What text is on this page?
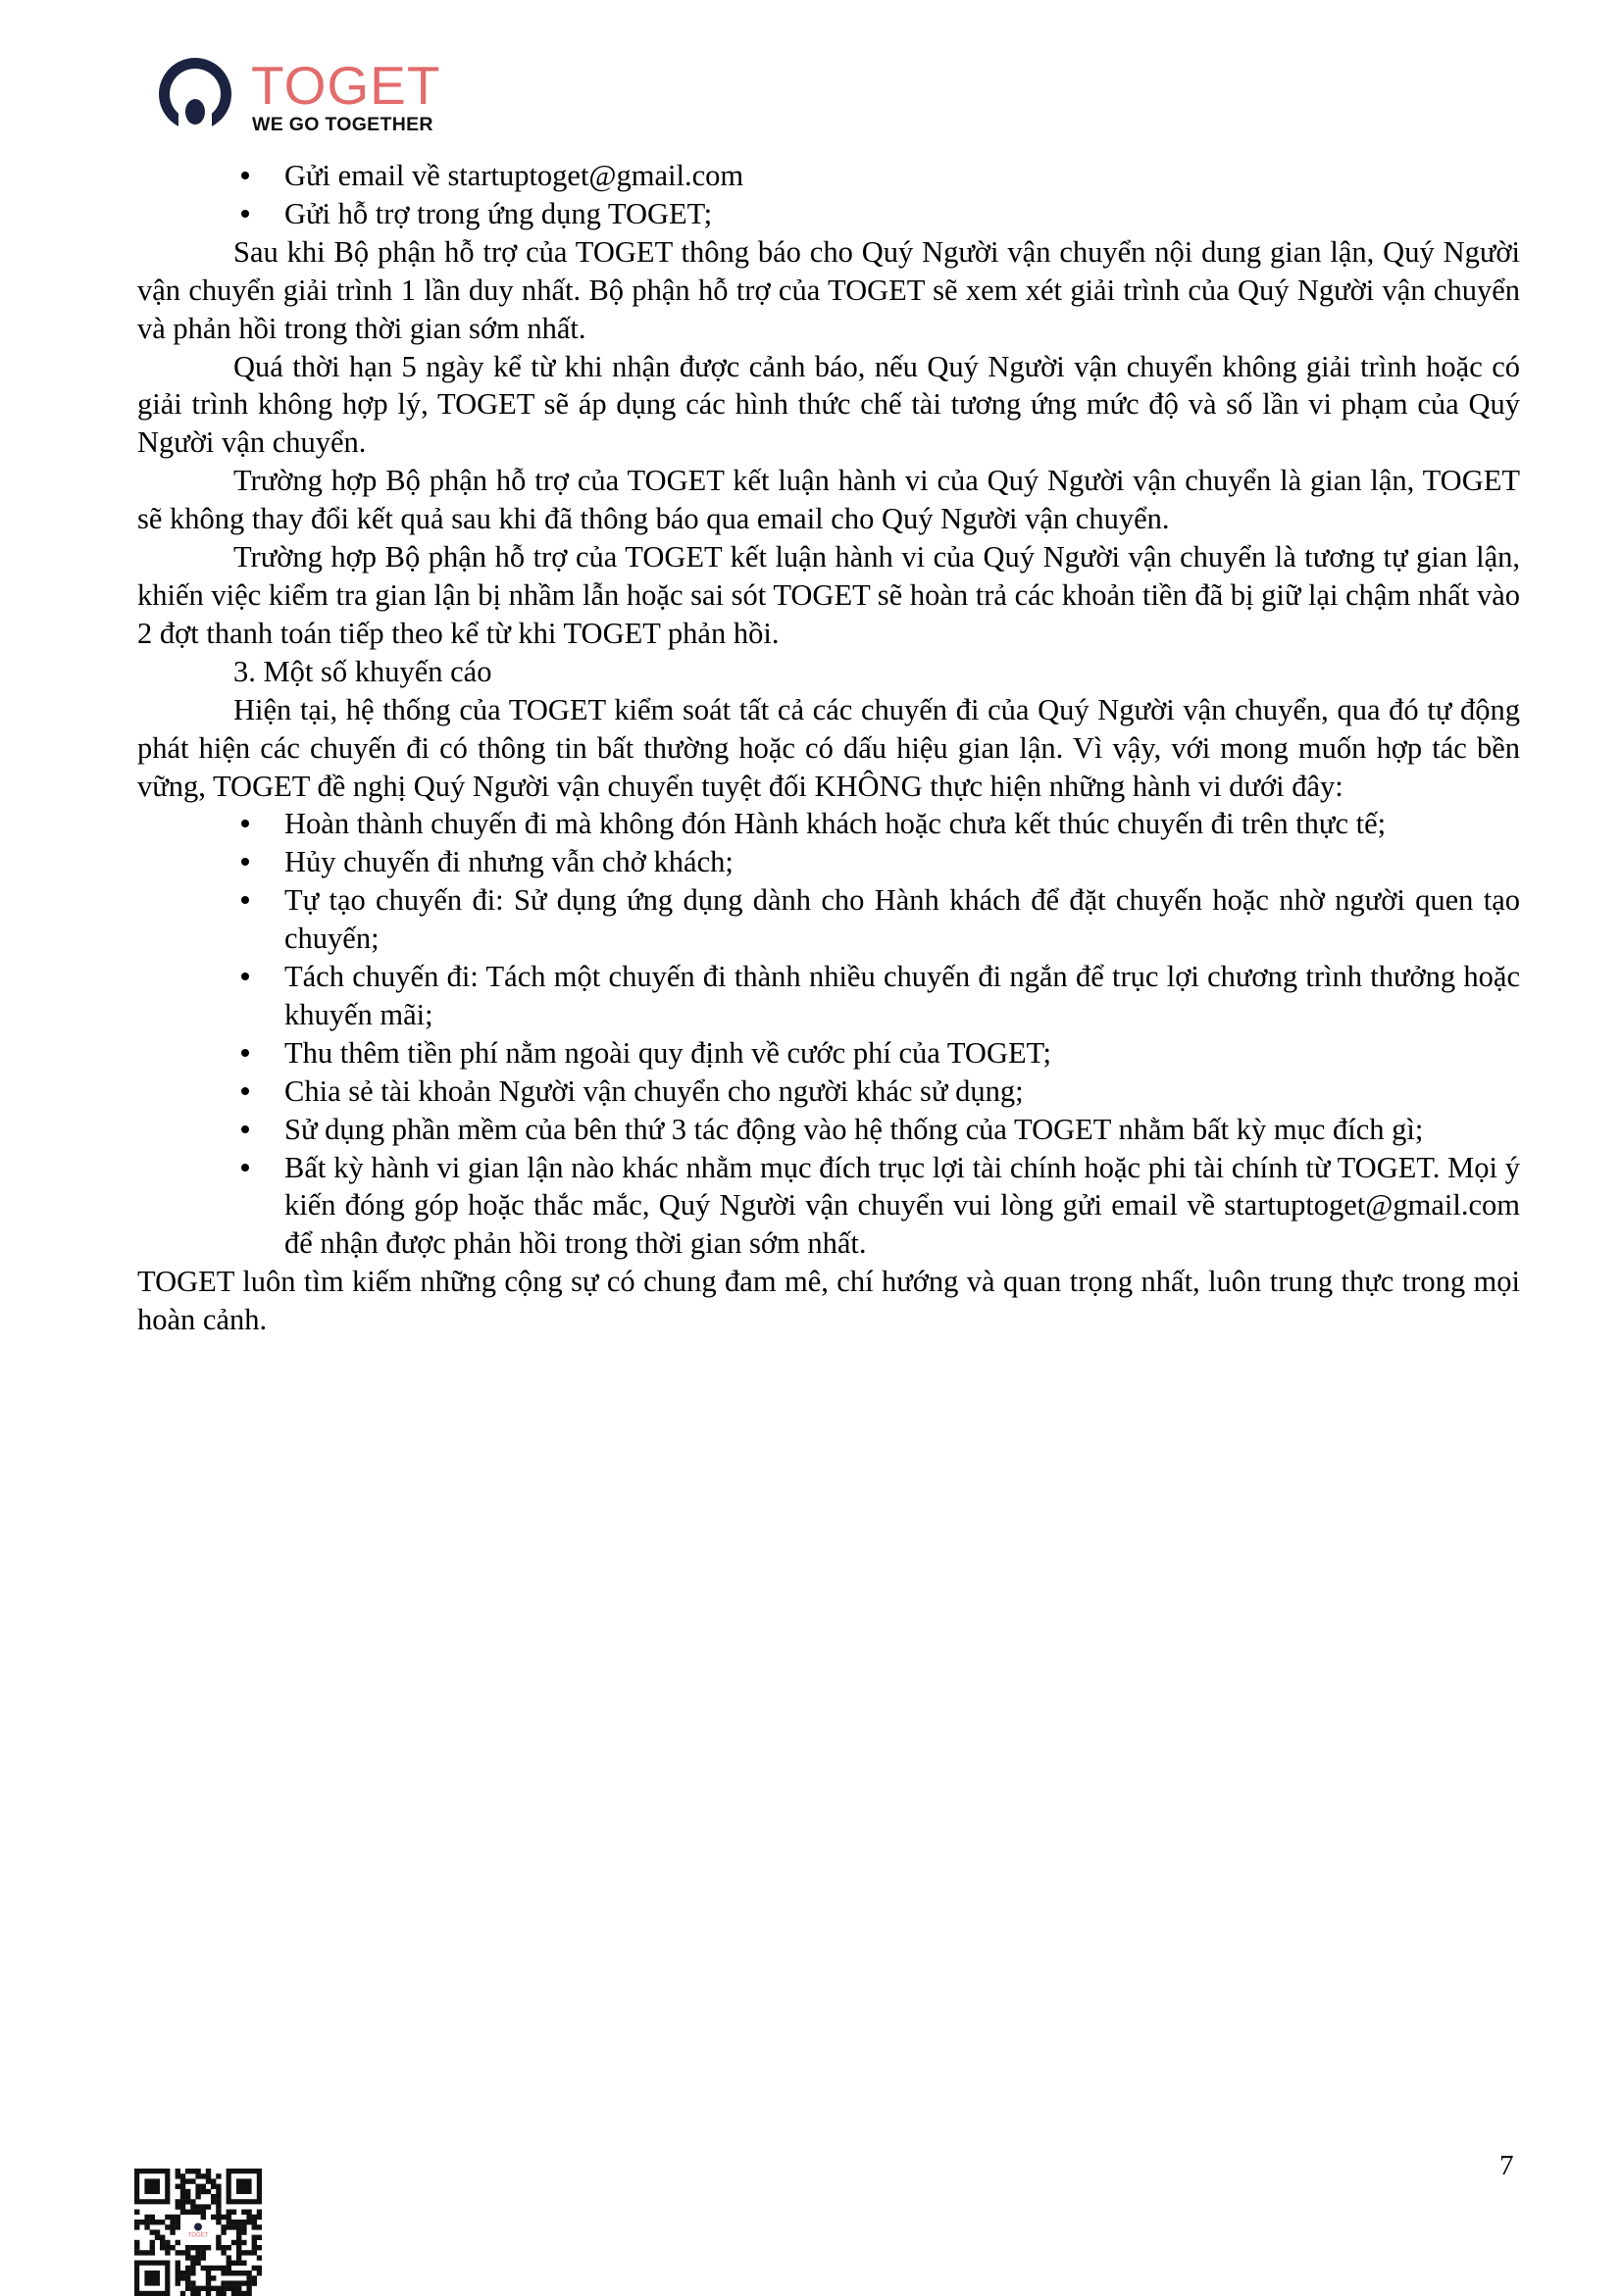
TOGET
WE GO TOGETHER
Gửi email về startuptoget@gmail.com
Gửi hỗ trợ trong ứng dụng TOGET;

Sau khi Bộ phận hỗ trợ của TOGET thông báo cho Quý Người vận chuyển nội dung gian lận, Quý Người vận chuyển giải trình 1 lần duy nhất. Bộ phận hỗ trợ của TOGET sẽ xem xét giải trình của Quý Người vận chuyển và phản hồi trong thời gian sớm nhất.

Quá thời hạn 5 ngày kể từ khi nhận được cảnh báo, nếu Quý Người vận chuyển không giải trình hoặc có giải trình không hợp lý, TOGET sẽ áp dụng các hình thức chế tài tương ứng mức độ và số lần vi phạm của Quý Người vận chuyển.

Trường hợp Bộ phận hỗ trợ của TOGET kết luận hành vi của Quý Người vận chuyển là gian lận, TOGET sẽ không thay đổi kết quả sau khi đã thông báo qua email cho Quý Người vận chuyển.

Trường hợp Bộ phận hỗ trợ của TOGET kết luận hành vi của Quý Người vận chuyển là tương tự gian lận, khiến việc kiểm tra gian lận bị nhầm lẫn hoặc sai sót TOGET sẽ hoàn trả các khoản tiền đã bị giữ lại chậm nhất vào 2 đợt thanh toán tiếp theo kể từ khi TOGET phản hồi.

3. Một số khuyến cáo

Hiện tại, hệ thống của TOGET kiểm soát tất cả các chuyến đi của Quý Người vận chuyển, qua đó tự động phát hiện các chuyến đi có thông tin bất thường hoặc có dấu hiệu gian lận. Vì vậy, với mong muốn hợp tác bền vững, TOGET đề nghị Quý Người vận chuyển tuyệt đối KHÔNG thực hiện những hành vi dưới đây:

Hoàn thành chuyến đi mà không đón Hành khách hoặc chưa kết thúc chuyến đi trên thực tế;
Hủy chuyến đi nhưng vẫn chở khách;
Tự tạo chuyến đi: Sử dụng ứng dụng dành cho Hành khách để đặt chuyến hoặc nhờ người quen tạo chuyến;
Tách chuyến đi: Tách một chuyến đi thành nhiều chuyến đi ngắn để trục lợi chương trình thưởng hoặc khuyến mãi;
Thu thêm tiền phí nằm ngoài quy định về cước phí của TOGET;
Chia sẻ tài khoản Người vận chuyển cho người khác sử dụng;
Sử dụng phần mềm của bên thứ 3 tác động vào hệ thống của TOGET nhằm bất kỳ mục đích gì;
Bất kỳ hành vi gian lận nào khác nhằm mục đích trục lợi tài chính hoặc phi tài chính từ TOGET. Mọi ý kiến đóng góp hoặc thắc mắc, Quý Người vận chuyển vui lòng gửi email về startuptoget@gmail.com để nhận được phản hồi trong thời gian sớm nhất.

TOGET luôn tìm kiếm những cộng sự có chung đam mê, chí hướng và quan trọng nhất, luôn trung thực trong mọi hoàn cảnh.

7
TOGET
